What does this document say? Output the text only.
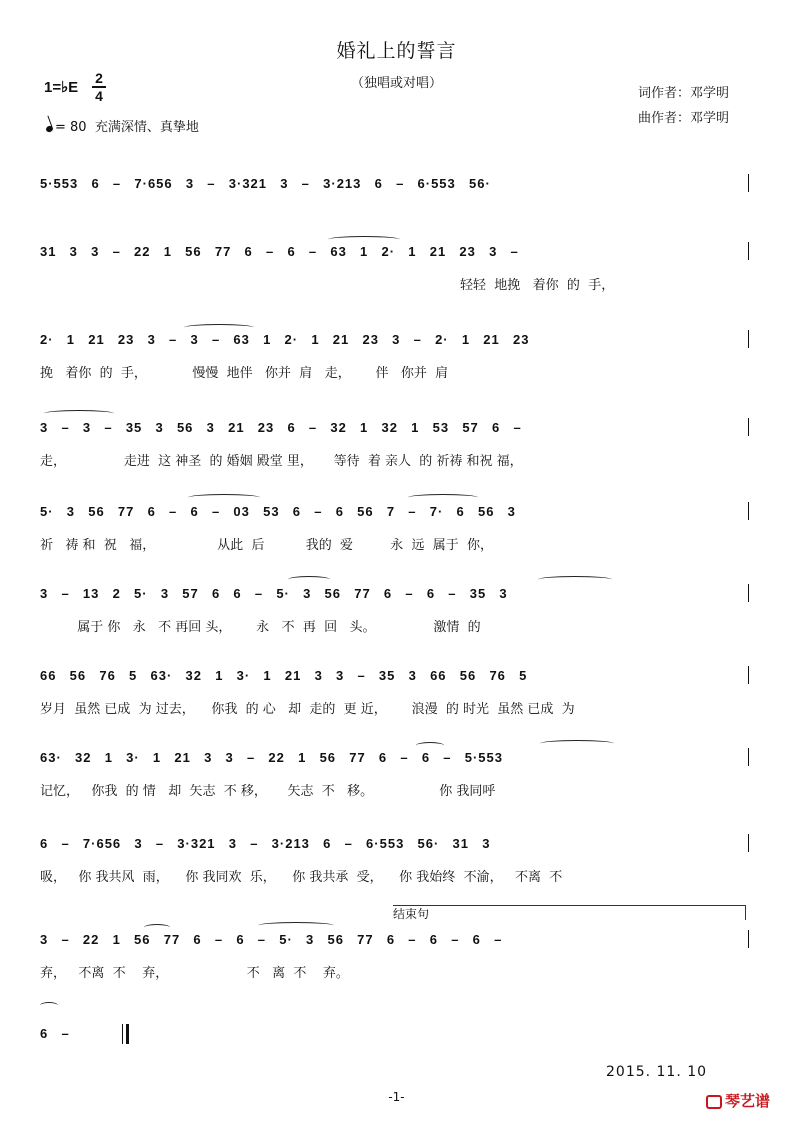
婚礼上的誓言
（独唱或对唱）
1=♭E
2
4	词作者：邓学明
曲作者：邓学明
= 80 充满深情、真挚地
5·553  6  –  7·656  3  –  3·321  3  –  3·213  6  –  6·553  56·
31  3  3  –  22  1  56  77  6  –  6  –  63  1  2·  1  21  23  3  –
轻轻  地挽   着你  的  手，
2·  1  21  23  3  –  3  –  63  1  2·  1  21  23  3  –  2·  1  21  23
挽   着你  的  手，           慢慢  地伴   你并  肩   走，      伴   你并  肩
3  –  3  –  35  3  56  3  21  23  6  –  32  1  32  1  53  57  6  –
走，              走进  这 神圣  的 婚姻 殿堂 里，     等待  着 亲人  的 祈祷 和祝 福，
5·  3  56  77  6  –  6  –  03  53  6  –  6  56  7  –  7·  6  56  3
祈   祷 和  祝   福，               从此  后          我的  爱         永  远  属于  你，
3  –  13  2  5·  3  57  6  6  –  5·  3  56  77  6  –  6  –  35  3
属于 你   永   不 再回 头，      永   不  再  回   头。              激情  的
66  56  76  5  63·  32  1  3·  1  21  3  3  –  35  3  66  56  76  5
岁月  虽然 已成  为 过去，    你我  的 心   却  走的  更 近，      浪漫  的 时光  虽然 已成  为
63·  32  1  3·  1  21  3  3  –  22  1  56  77  6  –  6  –  5·553
记忆，   你我  的 情   却  矢志  不 移，     矢志  不   移。                你 我同呼
6  –  7·656  3  –  3·321  3  –  3·213  6  –  6·553  56·  31  3
吸，   你 我共风  雨，    你 我同欢  乐，    你 我共承  受，    你 我始终  不渝，   不离  不
结束句
3  –  22  1  56  77  6  –  6  –  5·  3  56  77  6  –  6  –  6  –
弃，   不离  不    弃，                   不   离  不    弃。
6  –
2015. 11. 10
-1-	琴艺谱
